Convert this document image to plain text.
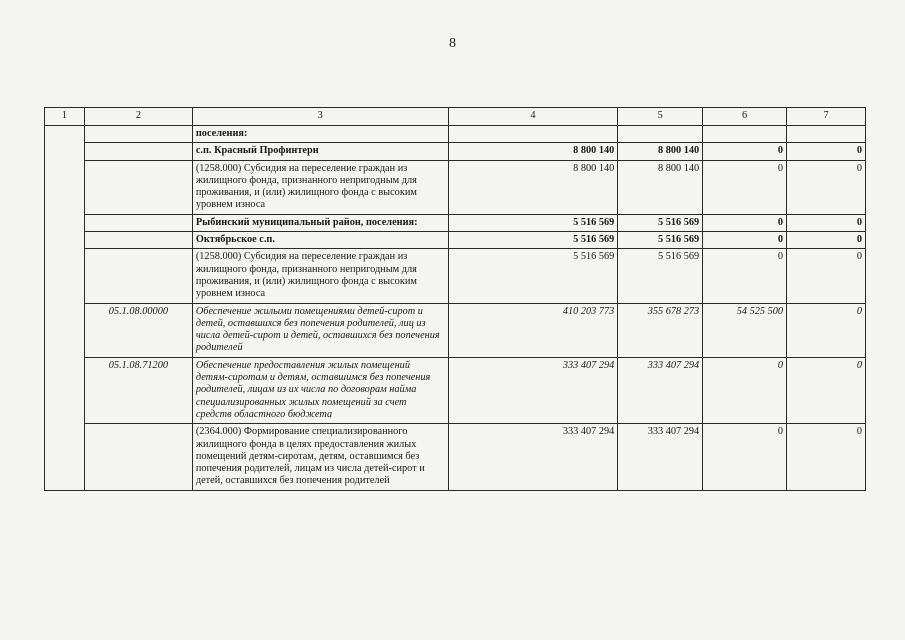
8
1	2	3	4	5	6	7
		поселения:				
		с.п. Красный Профинтерн	8 800 140	8 800 140	0	0
		(1258.000) Субсидия на переселение граждан из жилищного фонда, признанного непригодным для проживания, и (или) жилищного фонда с высоким уровнем износа	8 800 140	8 800 140	0	0
		Рыбинский муниципальный район, поселения:	5 516 569	5 516 569	0	0
		Октябрьское с.п.	5 516 569	5 516 569	0	0
		(1258.000) Субсидия на переселение граждан из жилищного фонда, признанного непригодным для проживания, и (или) жилищного фонда с высоким уровнем износа	5 516 569	5 516 569	0	0
	05.1.08.00000	Обеспечение жилыми помещениями детей-сирот и детей, оставшихся без попечения родителей, лиц из числа детей-сирот и детей, оставшихся без попечения родителей	410 203 773	355 678 273	54 525 500	0
	05.1.08.71200	Обеспечение предоставления жилых помещений детям-сиротам и детям, оставшимся без попечения родителей, лицам из их числа по договорам найма специализированных жилых помещений за счет средств областного бюджета	333 407 294	333 407 294	0	0
		(2364.000) Формирование специализированного жилищного фонда в целях предоставления жилых помещений детям-сиротам, детям, оставшимся без попечения родителей, лицам из числа детей-сирот и детей, оставшихся без попечения родителей	333 407 294	333 407 294	0	0
